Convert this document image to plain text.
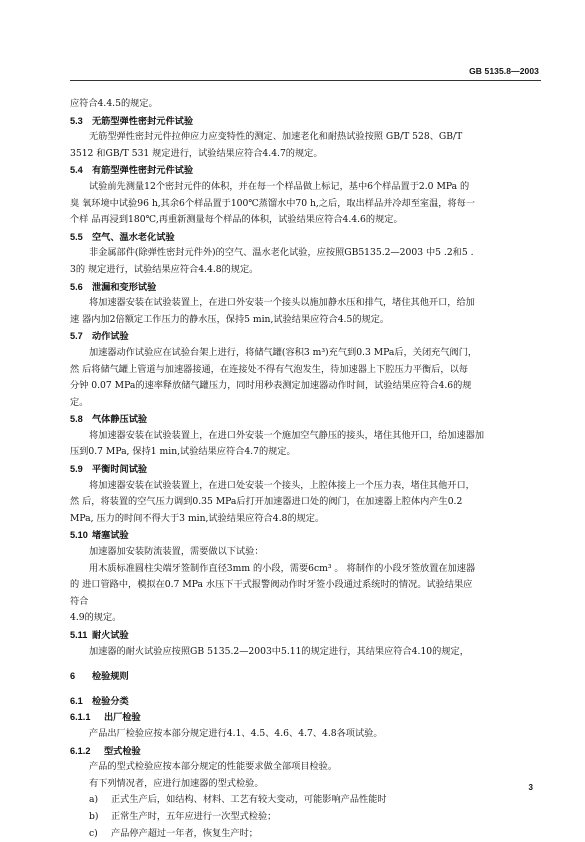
GB 5135.8—2003
应符合4.4.5的规定。
5.3 无筋型弹性密封元件试验
无筋型弹性密封元件拉伸应力应变特性的测定、加速老化和耐热试验按照 GB/T 528、GB/T
3512 和GB/T 531 规定进行，试验结果应符合4.4.7的规定。
5.4 有筋型弹性密封元件试验
试验前先测量12个密封元件的体积，并在每一个样品做上标记，基中6个样品置于2.0 MPa 的
臭 氧环境中试验96 h,其余6个样品置于100℃蒸馏水中70 h,之后，取出样品并冷却至室温，将每一
个样 品再浸到180℃,再重新测量每个样品的体积，试验结果应符合4.4.6的规定。
5.5 空气、温水老化试验
非金属部件(除弹性密封元件外)的空气、温水老化试验，应按照GB5135.2—2003 中5 .2和5 .
3的 规定进行，试验结果应符合4.4.8的规定。
5.6 泄漏和变形试验
将加速器安装在试验装置上，在进口外安装一个接头以施加静水压和排气，堵住其他开口，给加
速 器内加2倍额定工作压力的静水压，保持5 min,试验结果应符合4.5的规定。
5.7 动作试验
加速器动作试验应在试验台架上进行，将储气罐(容积3 m³)充气到0.3 MPa后，关闭充气阀门，
然 后将储气罐上管道与加速器接通，在连接处不得有气泡发生，待加速器上下腔压力平衡后，以每
分钟 0.07 MPa的速率释放储气罐压力，同时用秒表测定加速器动作时间，试验结果应符合4.6的规
定。
5.8 气体静压试验
将加速器安装在试验装置上，在进口外安装一个施加空气静压的接头，堵住其他开口，给加速器加
压到0.7 MPa, 保持1 min,试验结果应符合4.7的规定。
5.9 平衡时间试验
将加速器安装在试验装置上，在进口处安装一个接头，上腔体接上一个压力表，堵住其他开口，
然 后，将装置的空气压力调到0.35 MPa后打开加速器进口处的阀门，在加速器上腔体内产生0.2
MPa, 压力的时间不得大于3 min,试验结果应符合4.8的规定。
5.10 堵塞试验
加速器加安装防流装置，需要做以下试验：
用木质标准圆柱尖端牙签制作直径3mm 的小段，需要6cm³ 。 将制作的小段牙签放置在加速器
的 进口管路中，模拟在0.7 MPa 水压下干式报警阀动作时牙签小段通过系统时的情况。试验结果应
符合
4.9的规定。
5.11 耐火试验
加速器的耐火试验应按照GB 5135.2—2003中5.11的规定进行，其结果应符合4.10的规定，
6 检验规则
6.1 检验分类
6.1.1 出厂检验
产品出厂检验应按本部分规定进行4.1、4.5、4.6、4.7、4.8各项试验。
6.1.2 型式检验
产品的型式检验应按本部分规定的性能要求做全部项目检验。
有下列情况者，应进行加速器的型式检验。
a)	正式生产后，如结构、材料、工艺有较大变动，可能影响产品性能时
b)	正常生产时，五年应进行一次型式检验；
c)	产品停产超过一年者，恢复生产时；
3
